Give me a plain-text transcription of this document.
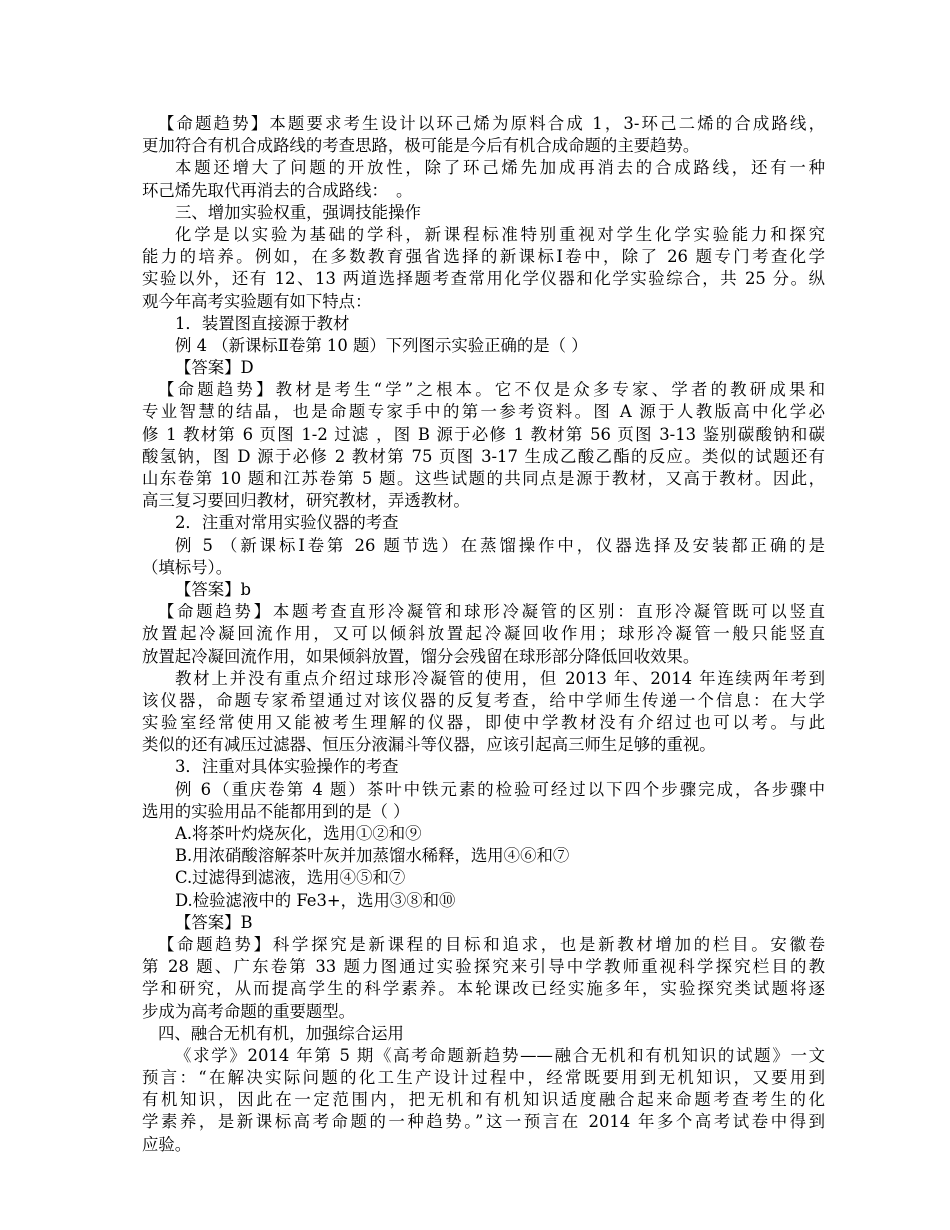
【命题趋势】本题要求考生设计以环己烯为原料合成 1，3-环己二烯的合成路线，

更加符合有机合成路线的考查思路，极可能是今后有机合成命题的主要趋势。

本题还增大了问题的开放性，除了环己烯先加成再消去的合成路线，还有一种

环己烯先取代再消去的合成路线：　。

三、增加实验权重，强调技能操作

化学是以实验为基础的学科，新课程标准特别重视对学生化学实验能力和探究

能力的培养。例如，在多数教育强省选择的新课标Ⅰ卷中，除了 26 题专门考查化学

实验以外，还有 12、13 两道选择题考查常用化学仪器和化学实验综合，共 25 分。纵

观今年高考实验题有如下特点：

1．装置图直接源于教材

例 4 （新课标Ⅱ卷第 10 题）下列图示实验正确的是（ ）

【答案】D

【命题趋势】教材是考生“学”之根本。它不仅是众多专家、学者的教研成果和

专业智慧的结晶，也是命题专家手中的第一参考资料。图 A 源于人教版高中化学必

修 1 教材第 6 页图 1-2 过滤 ，图 B 源于必修 1 教材第 56 页图 3-13 鉴别碳酸钠和碳

酸氢钠，图 D 源于必修 2 教材第 75 页图 3-17 生成乙酸乙酯的反应。类似的试题还有

山东卷第 10 题和江苏卷第 5 题。这些试题的共同点是源于教材，又高于教材。因此，

高三复习要回归教材，研究教材，弄透教材。

2．注重对常用实验仪器的考查

例 5 （新课标Ⅰ卷第 26 题节选）在蒸馏操作中，仪器选择及安装都正确的是

（填标号）。

【答案】b

【命题趋势】本题考查直形冷凝管和球形冷凝管的区别：直形冷凝管既可以竖直

放置起冷凝回流作用，又可以倾斜放置起冷凝回收作用；球形冷凝管一般只能竖直

放置起冷凝回流作用，如果倾斜放置，馏分会残留在球形部分降低回收效果。

教材上并没有重点介绍过球形冷凝管的使用，但 2013 年、2014 年连续两年考到

该仪器，命题专家希望通过对该仪器的反复考查，给中学师生传递一个信息：在大学

实验室经常使用又能被考生理解的仪器，即使中学教材没有介绍过也可以考。与此

类似的还有减压过滤器、恒压分液漏斗等仪器，应该引起高三师生足够的重视。

3．注重对具体实验操作的考查

例 6（重庆卷第 4 题）茶叶中铁元素的检验可经过以下四个步骤完成，各步骤中

选用的实验用品不能都用到的是（ ）

A.将茶叶灼烧灰化，选用①②和⑨

B.用浓硝酸溶解茶叶灰并加蒸馏水稀释，选用④⑥和⑦

C.过滤得到滤液，选用④⑤和⑦

D.检验滤液中的 Fe3+，选用③⑧和⑩

【答案】B

【命题趋势】科学探究是新课程的目标和追求，也是新教材增加的栏目。安徽卷

第 28 题、广东卷第 33 题力图通过实验探究来引导中学教师重视科学探究栏目的教

学和研究，从而提高学生的科学素养。本轮课改已经实施多年，实验探究类试题将逐

步成为高考命题的重要题型。

四、融合无机有机，加强综合运用

《求学》2014 年第 5 期《高考命题新趋势——融合无机和有机知识的试题》一文

预言：“在解决实际问题的化工生产设计过程中，经常既要用到无机知识，又要用到

有机知识，因此在一定范围内，把无机和有机知识适度融合起来命题考查考生的化

学素养，是新课标高考命题的一种趋势。”这一预言在 2014 年多个高考试卷中得到

应验。
